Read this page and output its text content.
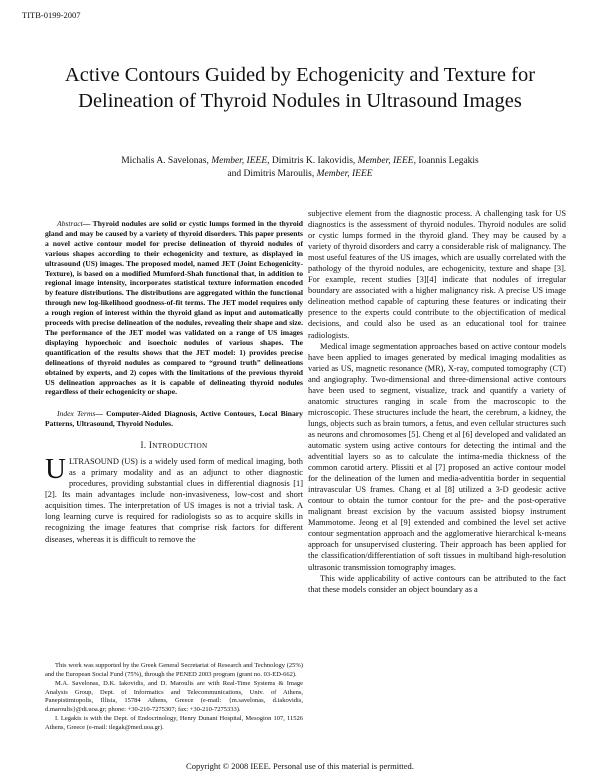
TITB-0199-2007
Active Contours Guided by Echogenicity and Texture for Delineation of Thyroid Nodules in Ultrasound Images
Michalis A. Savelonas, Member, IEEE, Dimitris K. Iakovidis, Member, IEEE, Ioannis Legakis
and Dimitris Maroulis, Member, IEEE

Abstract— Thyroid nodules are solid or cystic lumps formed in the thyroid gland and may be caused by a variety of thyroid disorders. This paper presents a novel active contour model for precise delineation of thyroid nodules of various shapes according to their echogenicity and texture, as displayed in ultrasound (US) images. The proposed model, named JET (Joint Echogenicity-Texture), is based on a modified Mumford-Shah functional that, in addition to regional image intensity, incorporates statistical texture information encoded by feature distributions. The distributions are aggregated within the functional through new log-likelihood goodness-of-fit terms. The JET model requires only a rough region of interest within the thyroid gland as input and automatically proceeds with precise delineation of the nodules, revealing their shape and size. The performance of the JET model was validated on a range of US images displaying hypoechoic and isoechoic nodules of various shapes. The quantification of the results shows that the JET model: 1) provides precise delineations of thyroid nodules as compared to “ground truth” delineations obtained by experts, and 2) copes with the limitations of the previous thyroid US delineation approaches as it is capable of delineating thyroid nodules regardless of their echogenicity or shape.

Index Terms— Computer-Aided Diagnosis, Active Contours, Local Binary Patterns, Ultrasound, Thyroid Nodules.

I. INTRODUCTION

ULTRASOUND (US) is a widely used form of medical imaging, both as a primary modality and as an adjunct to other diagnostic procedures, providing substantial clues in differential diagnosis [1][2]. Its main advantages include non-invasiveness, low-cost and short acquisition times. The interpretation of US images is not a trivial task. A long learning curve is required for radiologists so as to acquire skills in recognizing the image features that comprise risk factors for different diseases, whereas it is difficult to remove the

This work was supported by the Greek General Secretariat of Research and Technology (25%) and the European Social Fund (75%), through the PENED 2003 program (grant no. 03-ED-662).

M.A. Savelonas, D.K. Iakovidis, and D. Maroulis are with Real-Time Systems & Image Analysis Group, Dept. of Informatics and Telecommunications, Univ. of Athens, Panepistimiopolis, Illisia, 15784 Athens, Greece (e-mail: {m.savelonas, d.iakovidis, d.maroulis}@di.uoa.gr; phone: +30-210-7275307; fax: +30-210-7275333).

I. Legakis is with the Dept. of Endocrinology, Henry Dunant Hospital, Mesogion 107, 11526 Athens, Greece (e-mail: ilegak@med.uoa.gr).

subjective element from the diagnostic process. A challenging task for US diagnostics is the assessment of thyroid nodules. Thyroid nodules are solid or cystic lumps formed in the thyroid gland. They may be caused by a variety of thyroid disorders and carry a considerable risk of malignancy. The most useful features of the US images, which are usually correlated with the pathology of the thyroid nodules, are echogenicity, texture and shape [3]. For example, recent studies [3][4] indicate that nodules of irregular boundary are associated with a higher malignancy risk. A precise US image delineation method capable of capturing these features or indicating their presence to the experts could contribute to the objectification of medical decisions, and could also be used as an educational tool for trainee radiologists.

Medical image segmentation approaches based on active contour models have been applied to images generated by medical imaging modalities as varied as US, magnetic resonance (MR), X-ray, computed tomography (CT) and angiography. Two-dimensional and three-dimensional active contours have been used to segment, visualize, track and quantify a variety of anatomic structures ranging in scale from the macroscopic to the microscopic. These structures include the heart, the cerebrum, a kidney, the lungs, objects such as brain tumors, a fetus, and even cellular structures such as neurons and chromosomes [5]. Cheng et al [6] developed and validated an automatic system using active contours for detecting the intimal and the adventitial layers so as to calculate the intima-media thickness of the common carotid artery. Plissiti et al [7] proposed an active contour model for the delineation of the lumen and media-adventitia border in sequential intravascular US frames. Chang et al [8] utilized a 3-D geodesic active contour to obtain the tumor contour for the pre- and the post-operative malignant breast excision by the vacuum assisted biopsy instrument Mammotome. Jeong et al [9] extended and combined the level set active contour segmentation approach and the agglomerative hierarchical k-means approach for unsupervised clustering. Their approach has been applied for the classification/differentiation of soft tissues in multiband high-resolution ultrasonic transmission tomography images.

This wide applicability of active contours can be attributed to the fact that these models consider an object boundary as a

Copyright © 2008 IEEE. Personal use of this material is permitted.
